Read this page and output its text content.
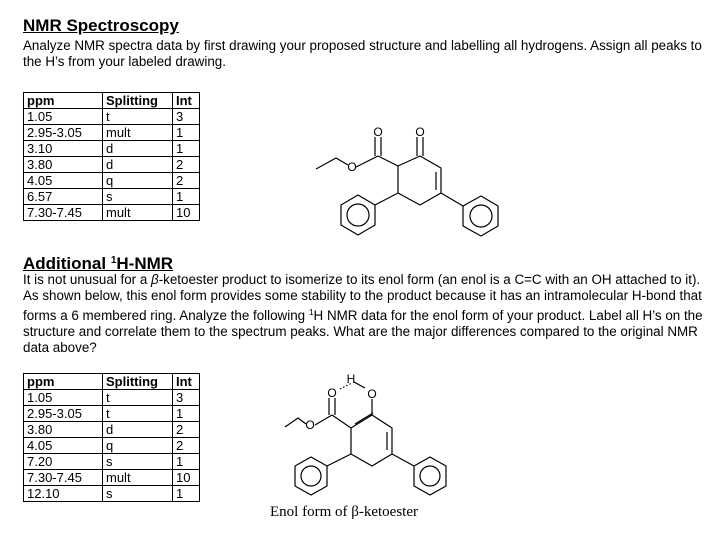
NMR Spectroscopy
Analyze NMR spectra data by first drawing your proposed structure and labelling all hydrogens. Assign all peaks to the H’s from your labeled drawing.
ppm	Splitting	Int
1.05	t	3
2.95-3.05	mult	1
3.10	d	1
3.80	d	2
4.05	q	2
6.57	s	1
7.30-7.45	mult	10
O	O
O
Additional $^1$H-NMR
It is not unusual for a β-ketoester product to isomerize to its enol form (an enol is a C=C with an OH attached to it). As shown below, this enol form provides some stability to the product because it has an intramolecular H-bond that forms a 6 membered ring. Analyze the following $^1$H NMR data for the enol form of your product. Label all H’s on the structure and correlate them to the spectrum peaks. What are the major differences compared to the original NMR data above?
ppm	Splitting	Int
1.05	t	3
2.95-3.05	t	1
3.80	d	2
4.05	q	2
7.20	s	1
7.30-7.45	mult	10
12.10	s	1
O
H
O
O
Enol form of β-ketoester
